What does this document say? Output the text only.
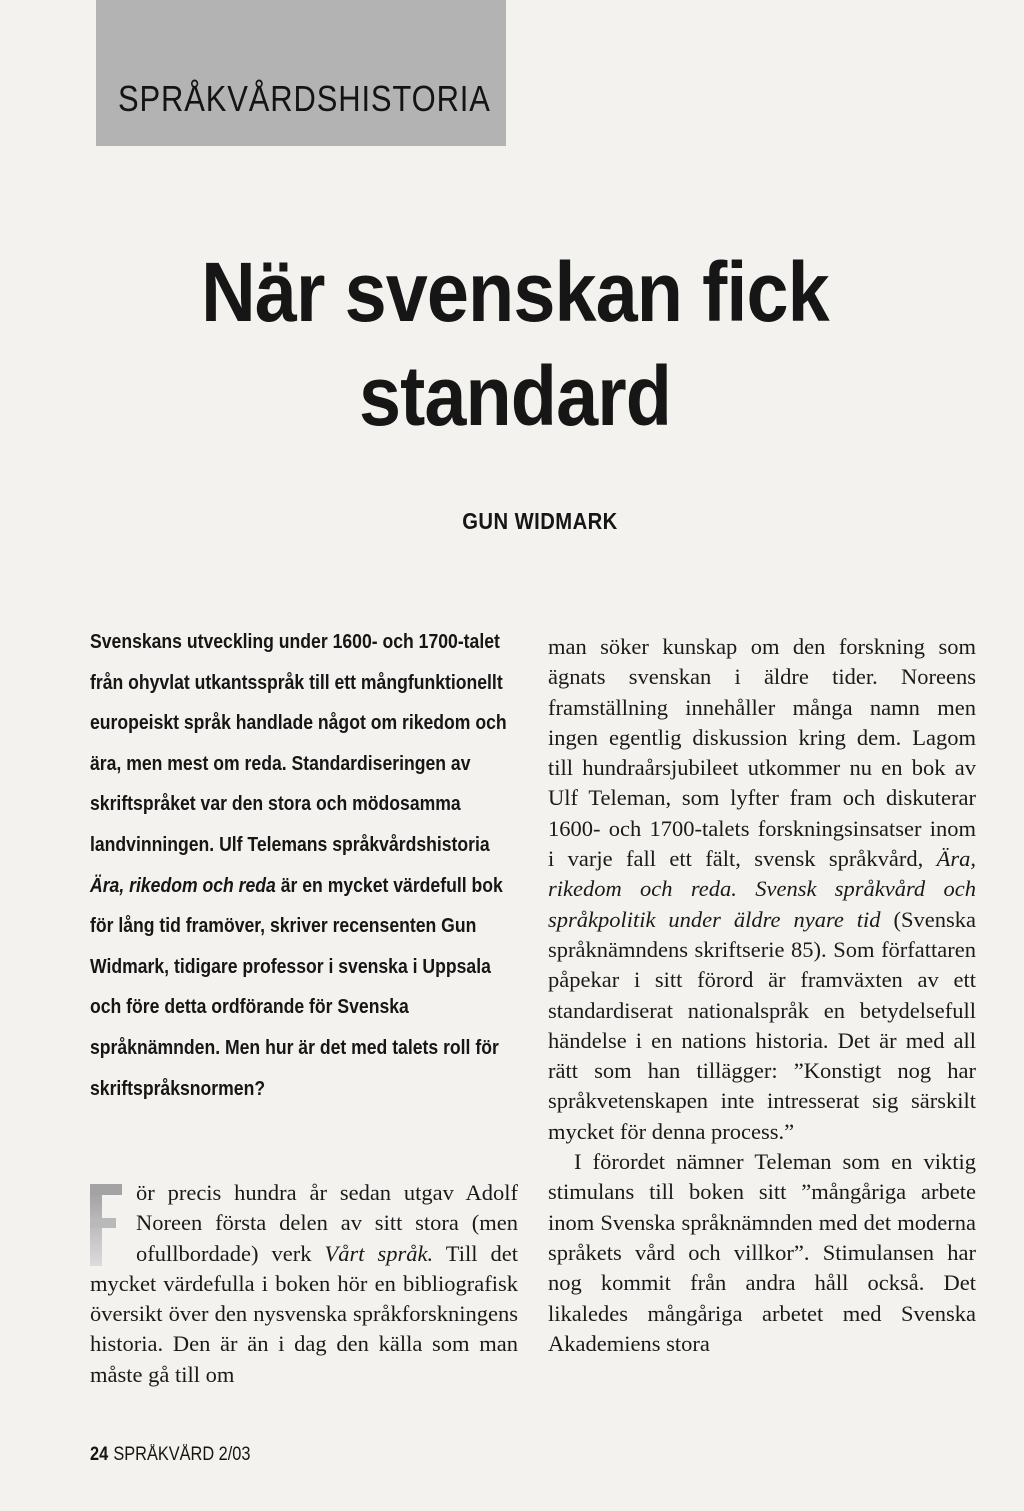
SPRÅKVÅRDSHISTORIA
När svenskan fick standard
GUN WIDMARK

Svenskans utveckling under 1600- och 1700-talet från ohyvlat utkantsspråk till ett mångfunktionellt europeiskt språk handlade något om rikedom och ära, men mest om reda. Standardiseringen av skriftspråket var den stora och mödosamma landvinningen. Ulf Telemans språkvårdshistoria Ära, rikedom och reda är en mycket värdefull bok för lång tid framöver, skriver recensenten Gun Widmark, tidigare professor i svenska i Uppsala och före detta ordförande för Svenska språknämnden. Men hur är det med talets roll för skriftspråksnormen?

ör precis hundra år sedan utgav Adolf Noreen första delen av sitt stora (men ofullbordade) verk Vårt språk. Till det mycket värdefulla i boken hör en bibliografisk översikt över den nysvenska språkforskningens historia. Den är än i dag den källa som man måste gå till om

man söker kunskap om den forskning som ägnats svenskan i äldre tider. Noreens framställning innehåller många namn men ingen egentlig diskussion kring dem. Lagom till hundraårsjubileet utkommer nu en bok av Ulf Teleman, som lyfter fram och diskuterar 1600- och 1700-talets forskningsinsatser inom i varje fall ett fält, svensk språkvård, Ära, rikedom och reda. Svensk språkvård och språkpolitik under äldre nyare tid (Svenska språknämndens skriftserie 85). Som författaren påpekar i sitt förord är framväxten av ett standardiserat nationalspråk en betydelsefull händelse i en nations historia. Det är med all rätt som han tillägger: ”Konstigt nog har språkvetenskapen inte intresserat sig särskilt mycket för denna process.”

I förordet nämner Teleman som en viktig stimulans till boken sitt ”mångåriga arbete inom Svenska språknämnden med det moderna språkets vård och villkor”. Stimulansen har nog kommit från andra håll också. Det likaledes mångåriga arbetet med Svenska Akademiens stora

24 SPRÅKVÅRD 2/03
